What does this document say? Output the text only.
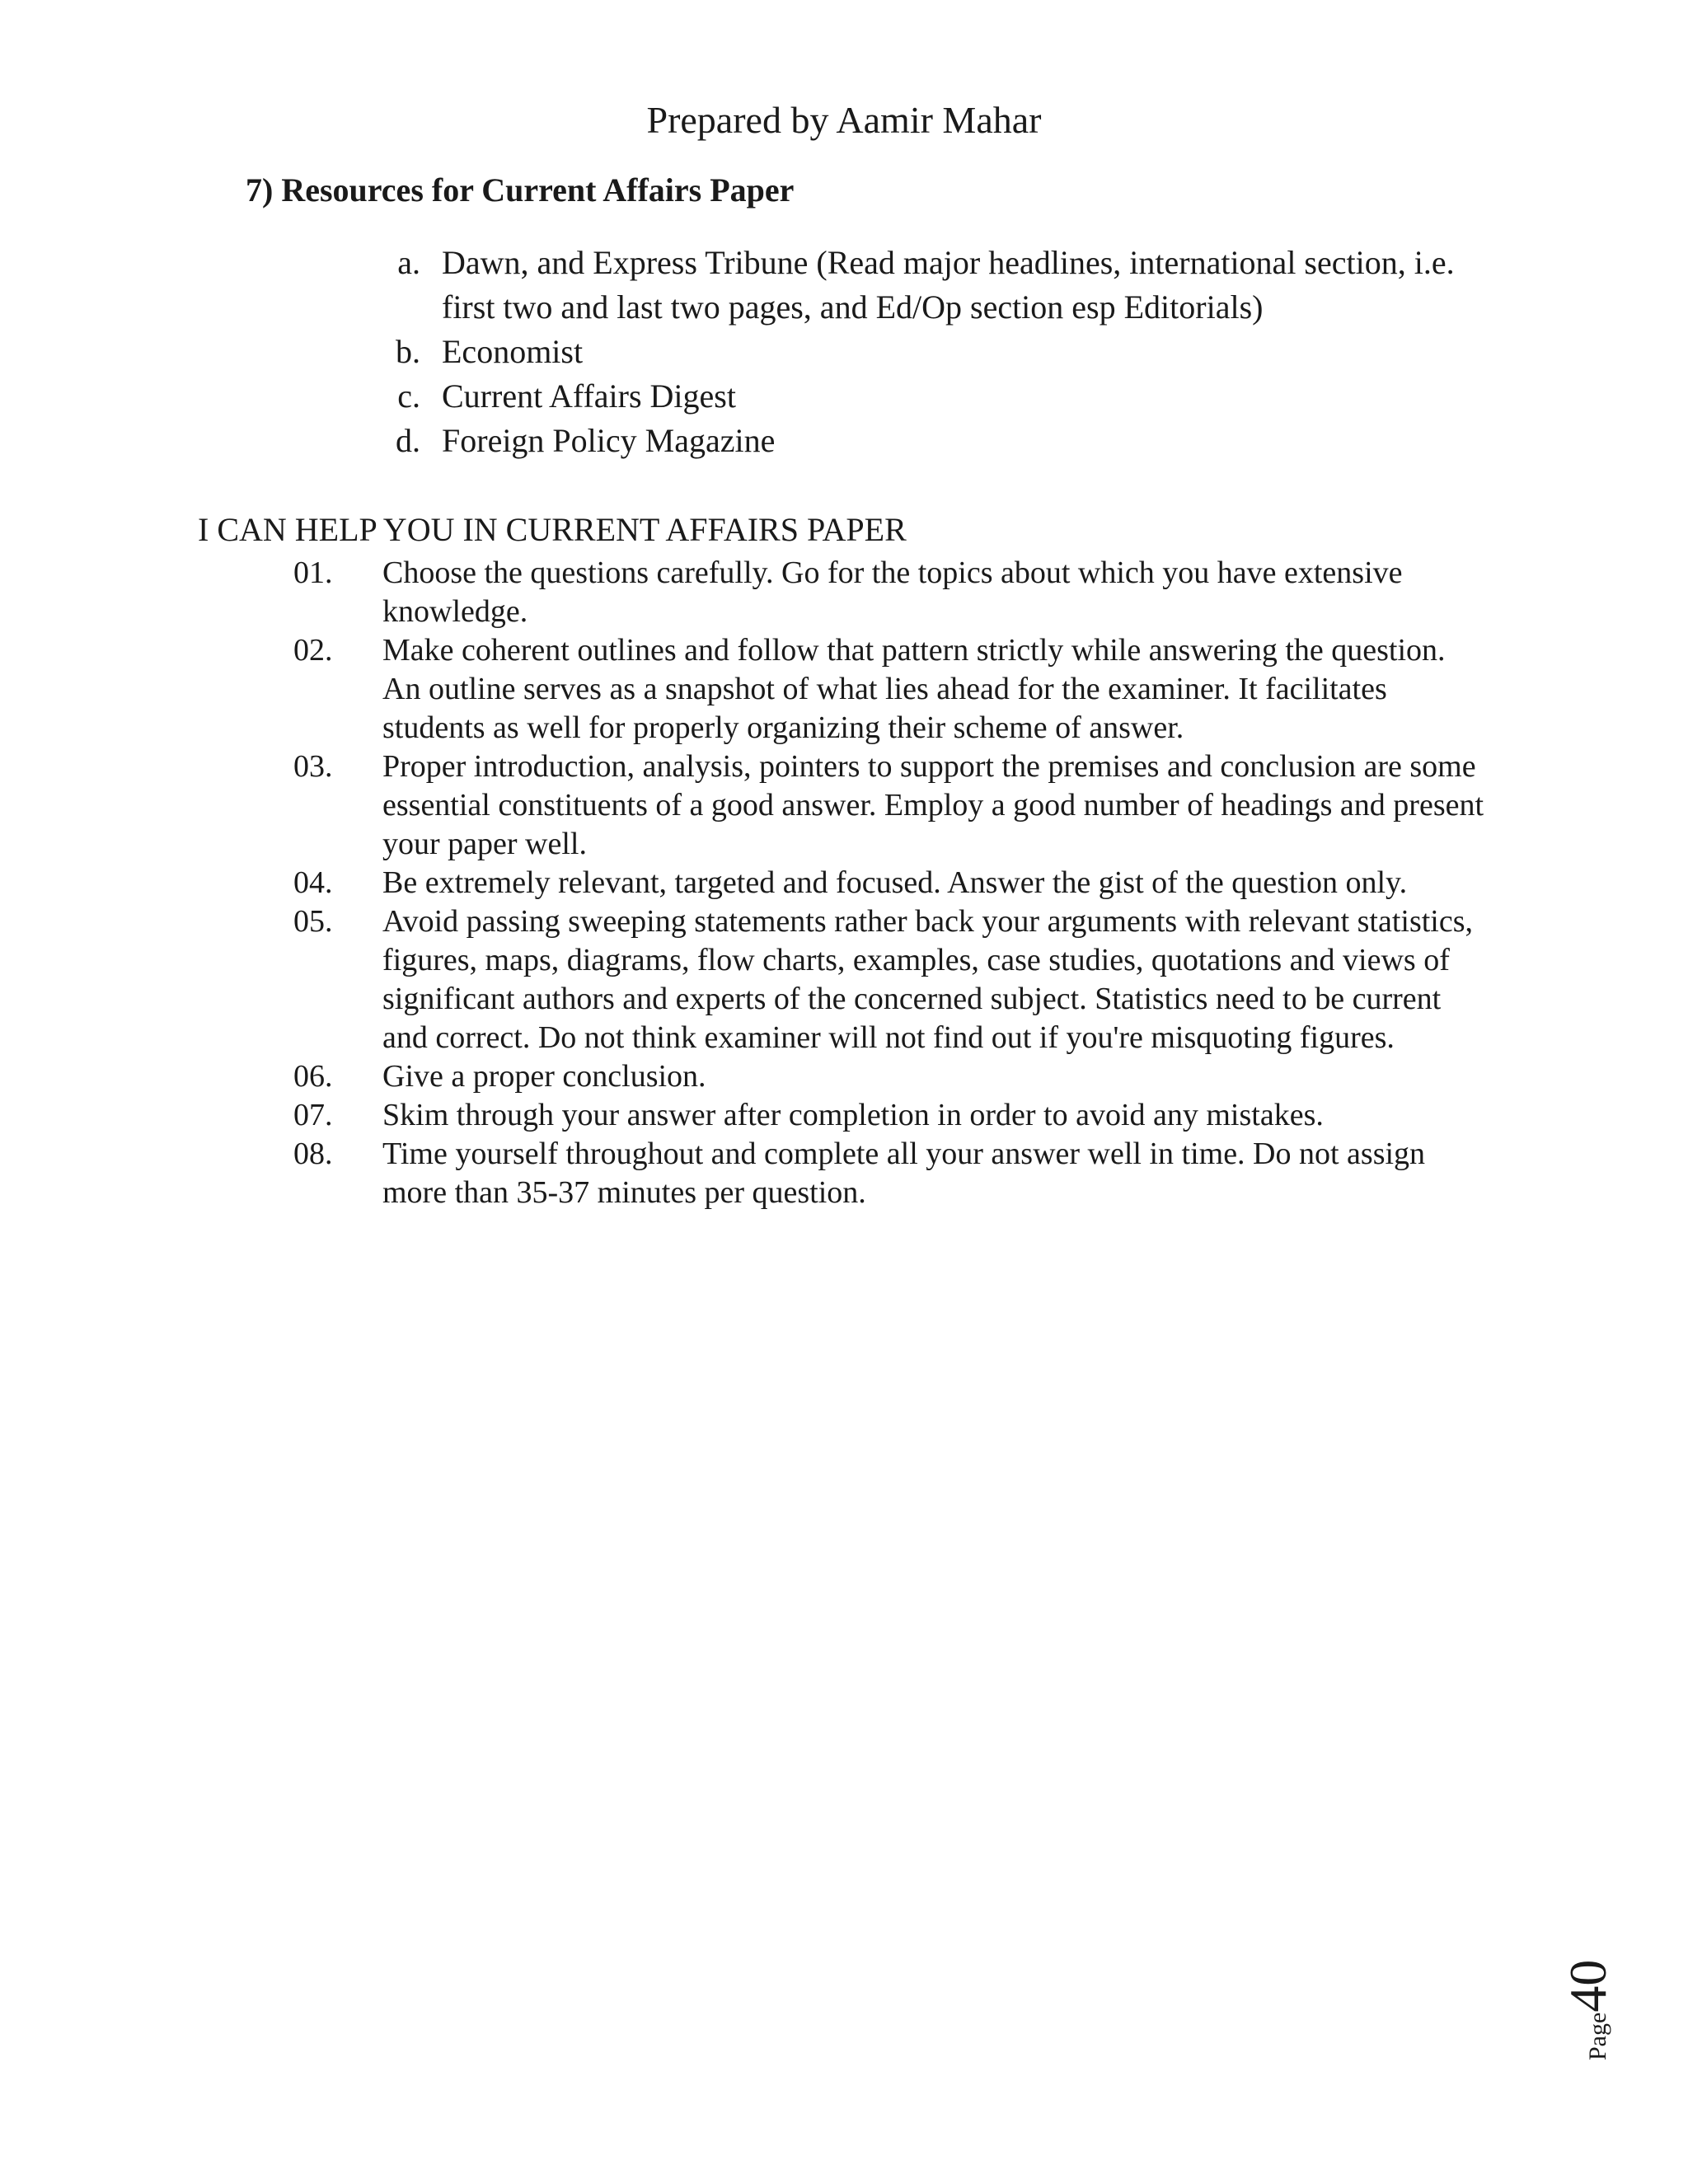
Prepared by Aamir Mahar
7) Resources for Current Affairs Paper
a. Dawn, and Express Tribune (Read major headlines, international section, i.e. first two and last two pages, and Ed/Op section esp Editorials)
b. Economist
c. Current Affairs Digest
d. Foreign Policy Magazine
I CAN HELP YOU IN CURRENT AFFAIRS PAPER
01.	Choose the questions carefully. Go for the topics about which you have extensive knowledge.
02.	Make coherent outlines and follow that pattern strictly while answering the question. An outline serves as a snapshot of what lies ahead for the examiner. It facilitates students as well for properly organizing their scheme of answer.
03.	Proper introduction, analysis, pointers to support the premises and conclusion are some essential constituents of a good answer. Employ a good number of headings and present your paper well.
04.	Be extremely relevant, targeted and focused. Answer the gist of the question only.
05.	Avoid passing sweeping statements rather back your arguments with relevant statistics, figures, maps, diagrams, flow charts, examples, case studies, quotations and views of significant authors and experts of the concerned subject. Statistics need to be current and correct. Do not think examiner will not find out if you're misquoting figures.
06.	Give a proper conclusion.
07.	Skim through your answer after completion in order to avoid any mistakes.
08.	Time yourself throughout and complete all your answer well in time. Do not assign more than 35-37 minutes per question.
Page40
